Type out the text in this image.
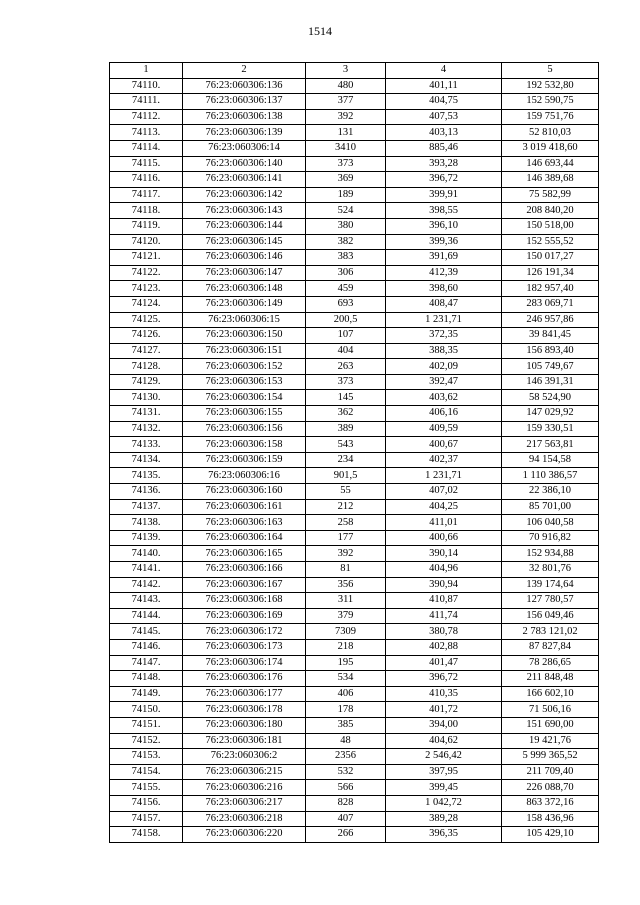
1514
1	2	3	4	5
74110.	76:23:060306:136	480	401,11	192 532,80
74111.	76:23:060306:137	377	404,75	152 590,75
74112.	76:23:060306:138	392	407,53	159 751,76
74113.	76:23:060306:139	131	403,13	52 810,03
74114.	76:23:060306:14	3410	885,46	3 019 418,60
74115.	76:23:060306:140	373	393,28	146 693,44
74116.	76:23:060306:141	369	396,72	146 389,68
74117.	76:23:060306:142	189	399,91	75 582,99
74118.	76:23:060306:143	524	398,55	208 840,20
74119.	76:23:060306:144	380	396,10	150 518,00
74120.	76:23:060306:145	382	399,36	152 555,52
74121.	76:23:060306:146	383	391,69	150 017,27
74122.	76:23:060306:147	306	412,39	126 191,34
74123.	76:23:060306:148	459	398,60	182 957,40
74124.	76:23:060306:149	693	408,47	283 069,71
74125.	76:23:060306:15	200,5	1 231,71	246 957,86
74126.	76:23:060306:150	107	372,35	39 841,45
74127.	76:23:060306:151	404	388,35	156 893,40
74128.	76:23:060306:152	263	402,09	105 749,67
74129.	76:23:060306:153	373	392,47	146 391,31
74130.	76:23:060306:154	145	403,62	58 524,90
74131.	76:23:060306:155	362	406,16	147 029,92
74132.	76:23:060306:156	389	409,59	159 330,51
74133.	76:23:060306:158	543	400,67	217 563,81
74134.	76:23:060306:159	234	402,37	94 154,58
74135.	76:23:060306:16	901,5	1 231,71	1 110 386,57
74136.	76:23:060306:160	55	407,02	22 386,10
74137.	76:23:060306:161	212	404,25	85 701,00
74138.	76:23:060306:163	258	411,01	106 040,58
74139.	76:23:060306:164	177	400,66	70 916,82
74140.	76:23:060306:165	392	390,14	152 934,88
74141.	76:23:060306:166	81	404,96	32 801,76
74142.	76:23:060306:167	356	390,94	139 174,64
74143.	76:23:060306:168	311	410,87	127 780,57
74144.	76:23:060306:169	379	411,74	156 049,46
74145.	76:23:060306:172	7309	380,78	2 783 121,02
74146.	76:23:060306:173	218	402,88	87 827,84
74147.	76:23:060306:174	195	401,47	78 286,65
74148.	76:23:060306:176	534	396,72	211 848,48
74149.	76:23:060306:177	406	410,35	166 602,10
74150.	76:23:060306:178	178	401,72	71 506,16
74151.	76:23:060306:180	385	394,00	151 690,00
74152.	76:23:060306:181	48	404,62	19 421,76
74153.	76:23:060306:2	2356	2 546,42	5 999 365,52
74154.	76:23:060306:215	532	397,95	211 709,40
74155.	76:23:060306:216	566	399,45	226 088,70
74156.	76:23:060306:217	828	1 042,72	863 372,16
74157.	76:23:060306:218	407	389,28	158 436,96
74158.	76:23:060306:220	266	396,35	105 429,10
